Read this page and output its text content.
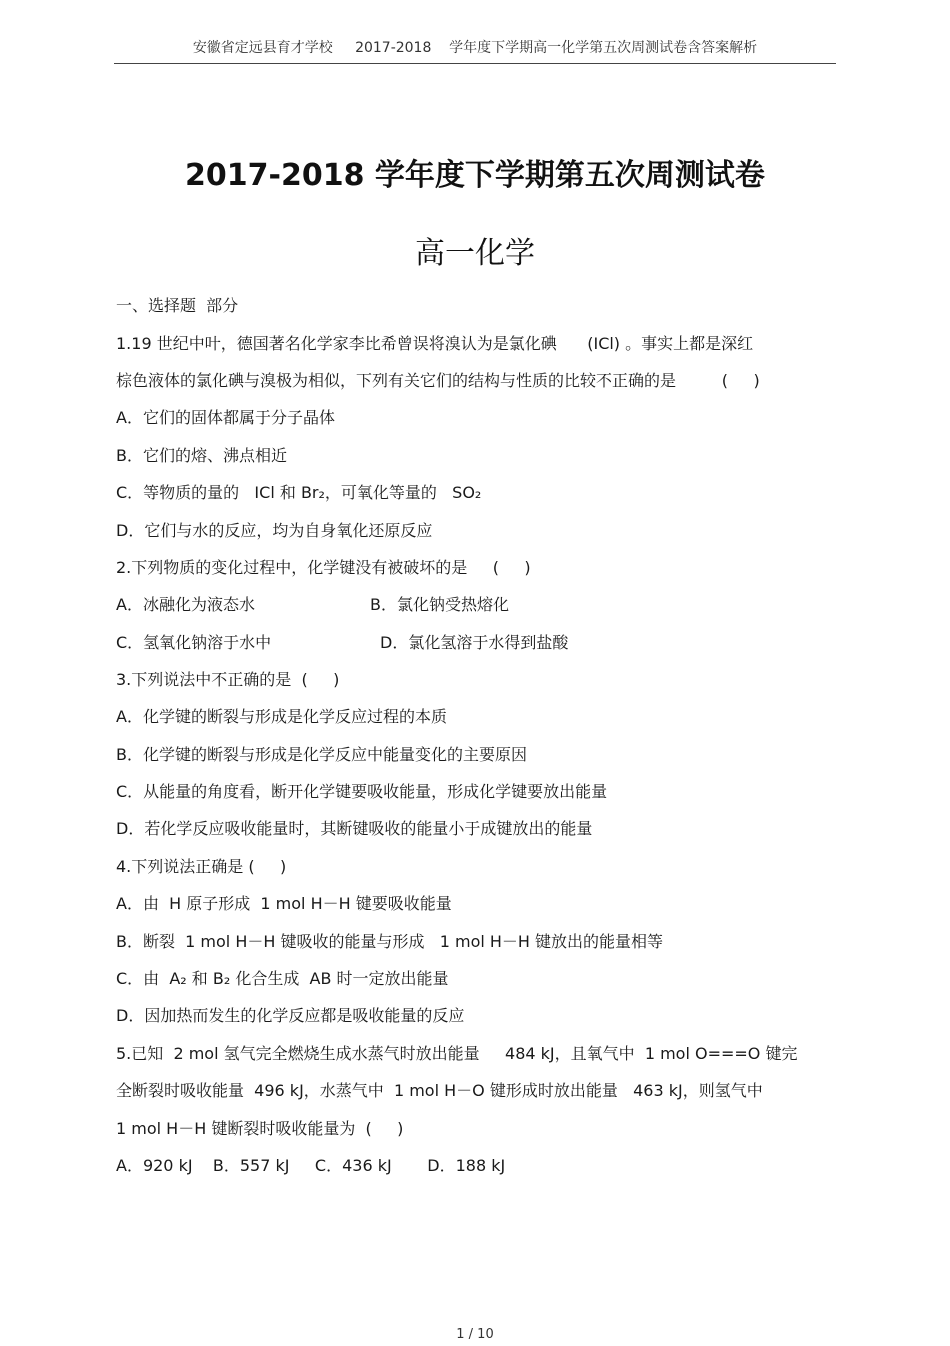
安徽省定远县育才学校     2017-2018    学年度下学期高一化学第五次周测试卷含答案解析
2017-2018 学年度下学期第五次周测试卷
高一化学
一、选择题  部分
1.19 世纪中叶，德国著名化学家李比希曾误将溴认为是氯化碘      (ICl) 。事实上都是深红
棕色液体的氯化碘与溴极为相似，下列有关它们的结构与性质的比较不正确的是         (     )
A．它们的固体都属于分子晶体
B．它们的熔、沸点相近
C．等物质的量的   ICl 和 Br₂，可氧化等量的   SO₂
D．它们与水的反应，均为自身氧化还原反应
2.下列物质的变化过程中，化学键没有被破坏的是     (     )
A．冰融化为液态水	B．氯化钠受热熔化
C．氢氧化钠溶于水中	D．氯化氢溶于水得到盐酸
3.下列说法中不正确的是  (     )
A．化学键的断裂与形成是化学反应过程的本质
B．化学键的断裂与形成是化学反应中能量变化的主要原因
C．从能量的角度看，断开化学键要吸收能量，形成化学键要放出能量
D．若化学反应吸收能量时，其断键吸收的能量小于成键放出的能量
4.下列说法正确是 (     )
A．由  H 原子形成  1 mol H－H 键要吸收能量
B．断裂  1 mol H－H 键吸收的能量与形成   1 mol H－H 键放出的能量相等
C．由  A₂ 和 B₂ 化合生成  AB 时一定放出能量
D．因加热而发生的化学反应都是吸收能量的反应
5.已知  2 mol 氢气完全燃烧生成水蒸气时放出能量     484 kJ，且氧气中  1 mol O===O 键完
全断裂时吸收能量  496 kJ，水蒸气中  1 mol H－O 键形成时放出能量   463 kJ，则氢气中
1 mol H－H 键断裂时吸收能量为  (     )
A．920 kJ    B．557 kJ     C．436 kJ       D．188 kJ
1 / 10
